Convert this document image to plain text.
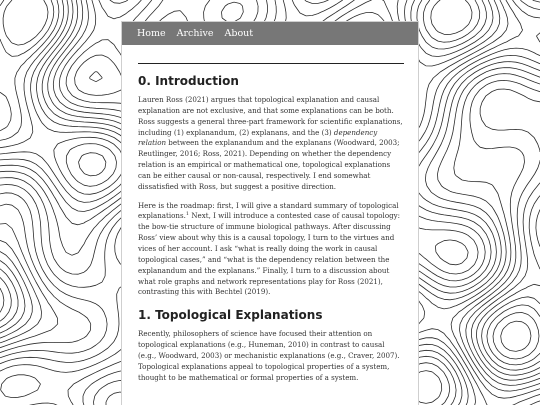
Home Archive About
0. Introduction

Lauren Ross (2021) argues that topological explanation and causal explanation are not exclusive, and that some explanations can be both. Ross suggests a general three-part framework for scientific explanations, including (1) explanandum, (2) explanans, and the (3) dependency relation between the explanandum and the explanans (Woodward, 2003; Reutlinger, 2016; Ross, 2021). Depending on whether the dependency relation is an empirical or mathematical one, topological explanations can be either causal or non-causal, respectively. I end somewhat dissatisfied with Ross, but suggest a positive direction.

Here is the roadmap: first, I will give a standard summary of topological explanations.$^1$ Next, I will introduce a contested case of causal topology: the bow-tie structure of immune biological pathways. After discussing Ross’ view about why this is a causal topology, I turn to the virtues and vices of her account. I ask “what is really doing the work in causal topological cases,” and “what is the dependency relation between the explanandum and the explanans.” Finally, I turn to a discussion about what role graphs and network representations play for Ross (2021), contrasting this with Bechtel (2019).

1. Topological Explanations

Recently, philosophers of science have focused their attention on topological explanations (e.g., Huneman, 2010) in contrast to causal (e.g., Woodward, 2003) or mechanistic explanations (e.g., Craver, 2007). Topological explanations appeal to topological properties of a system, thought to be mathematical or formal properties of a system.
